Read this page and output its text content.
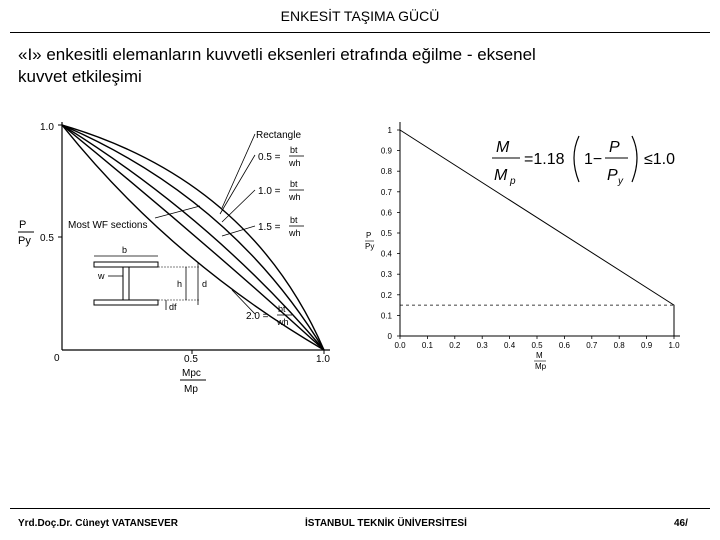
ENKESİT TAŞIMA GÜCÜ
«I» enkesitli elemanların kuvvetli eksenleri etrafında eğilme - eksenel
kuvvet etkileşimi
1.0
0.5
0
P
Py
0.5	1.0
Mpc
Mp
Rectangle
0.5 =
bt
wh
1.0 =
bt
wh
1.5 =
bt
wh
2.0 =
bt
wh
Most WF sections
b
w
h d
df
0.0 0.1 0.2 0.3 0.4 0.5 0.6 0.7 0.8 0.9 1.0
0
0.1
0.2
0.3
0.4
0.5
0.6
0.7
0.8
0.9
1
P
Py
M
Mp
M
M p
=1.18 1−
P
P y
≤1.0
Yrd.Doç.Dr. Cüneyt VATANSEVER	İSTANBUL TEKNİK ÜNİVERSİTESİ	46/
